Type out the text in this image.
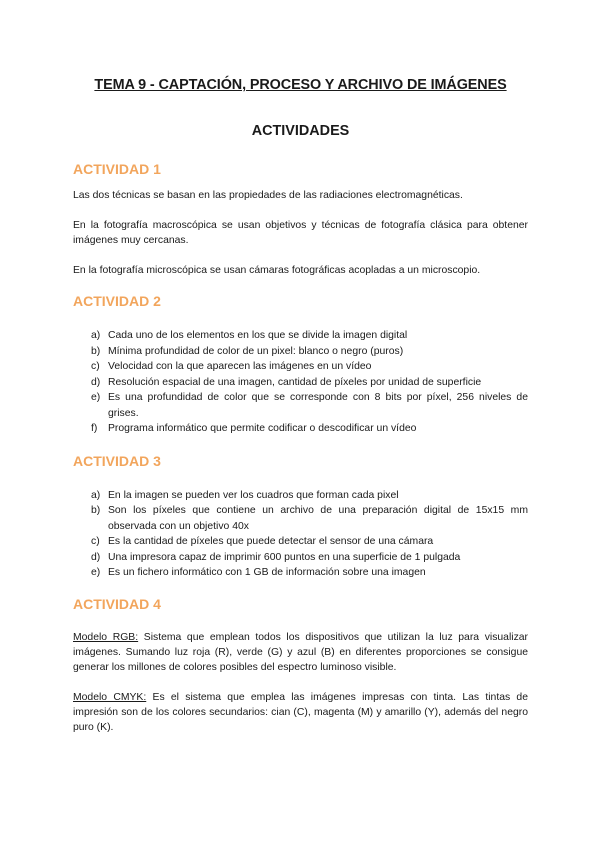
TEMA 9 - CAPTACIÓN, PROCESO Y ARCHIVO DE IMÁGENES
ACTIVIDADES
ACTIVIDAD 1

Las dos técnicas se basan en las propiedades de las radiaciones electromagnéticas.

En la fotografía macroscópica se usan objetivos y técnicas de fotografía clásica para obtener imágenes muy cercanas.

En la fotografía microscópica se usan cámaras fotográficas acopladas a un microscopio.

ACTIVIDAD 2
a) Cada uno de los elementos en los que se divide la imagen digital
b) Mínima profundidad de color de un pixel: blanco o negro (puros)
c) Velocidad con la que aparecen las imágenes en un vídeo
d) Resolución espacial de una imagen, cantidad de píxeles por unidad de superficie
e) Es una profundidad de color que se corresponde con 8 bits por píxel, 256 niveles de grises.
f) Programa informático que permite codificar o descodificar un vídeo
ACTIVIDAD 3
a) En la imagen se pueden ver los cuadros que forman cada pixel
b) Son los píxeles que contiene un archivo de una preparación digital de 15x15 mm observada con un objetivo 40x
c) Es la cantidad de píxeles que puede detectar el sensor de una cámara
d) Una impresora capaz de imprimir 600 puntos en una superficie de 1 pulgada
e) Es un fichero informático con 1 GB de información sobre una imagen
ACTIVIDAD 4

Modelo RGB: Sistema que emplean todos los dispositivos que utilizan la luz para visualizar imágenes. Sumando luz roja (R), verde (G) y azul (B) en diferentes proporciones se consigue generar los millones de colores posibles del espectro luminoso visible.

Modelo CMYK: Es el sistema que emplea las imágenes impresas con tinta. Las tintas de impresión son de los colores secundarios: cian (C), magenta (M) y amarillo (Y), además del negro puro (K).
